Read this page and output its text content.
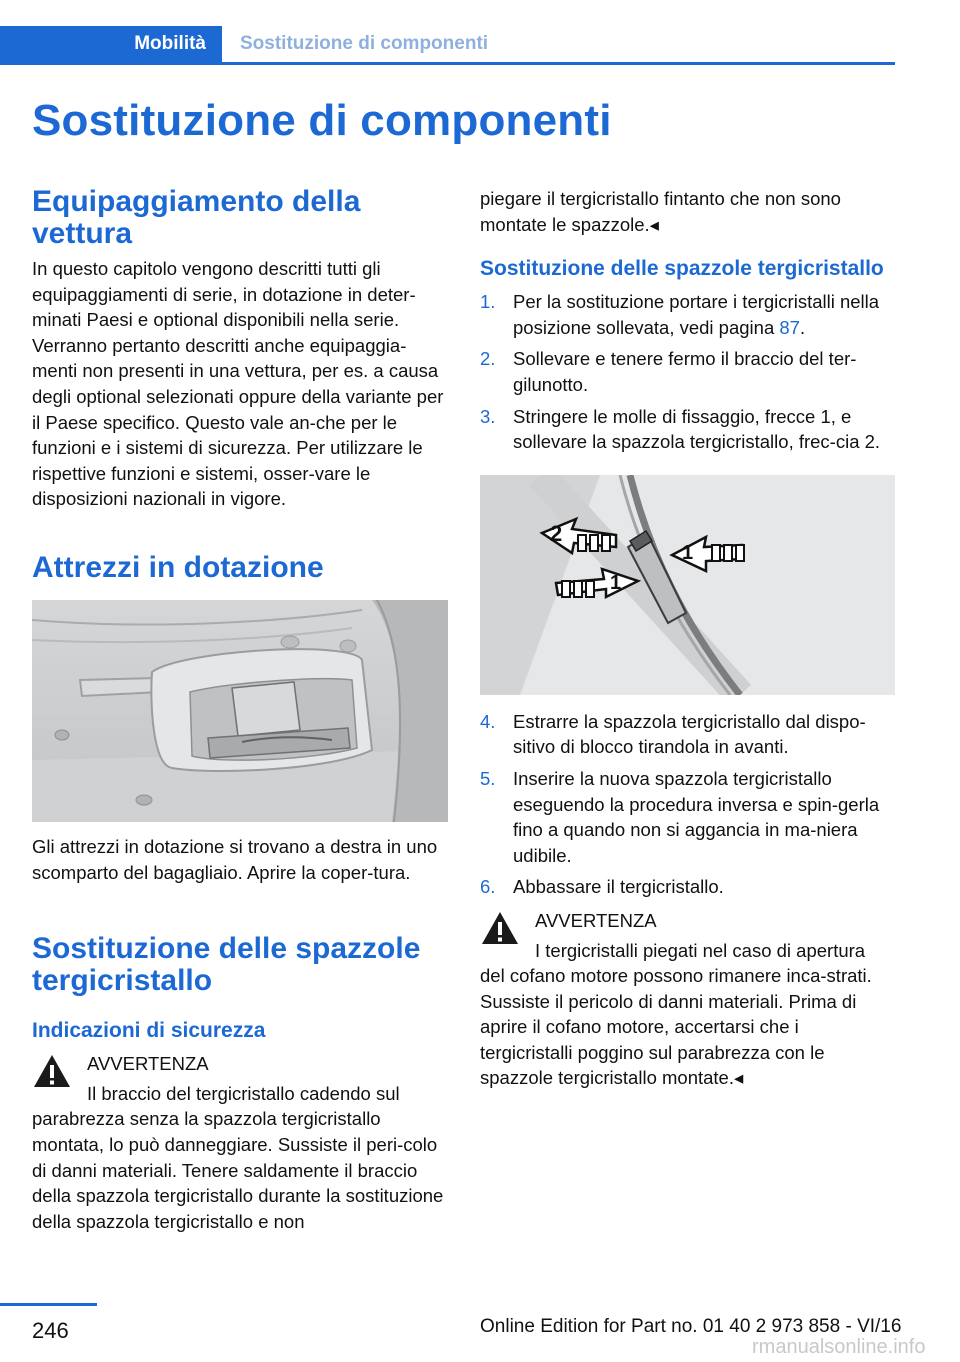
Mobilità	Sostituzione di componenti
Sostituzione di componenti
Equipaggiamento della vettura

In questo capitolo vengono descritti tutti gli equipaggiamenti di serie, in dotazione in deter‐minati Paesi e optional disponibili nella serie. Verranno pertanto descritti anche equipaggia‐menti non presenti in una vettura, per es. a causa degli optional selezionati oppure della variante per il Paese specifico. Questo vale an‐che per le funzioni e i sistemi di sicurezza. Per utilizzare le rispettive funzioni e sistemi, osser‐vare le disposizioni nazionali in vigore.

Attrezzi in dotazione

Gli attrezzi in dotazione si trovano a destra in uno scomparto del bagagliaio. Aprire la coper‐tura.

Sostituzione delle spazzole tergicristallo
Indicazioni di sicurezza

AVVERTENZA

Il braccio del tergicristallo cadendo sul

parabrezza senza la spazzola tergicristallo montata, lo può danneggiare. Sussiste il peri‐colo di danni materiali. Tenere saldamente il braccio della spazzola tergicristallo durante la sostituzione della spazzola tergicristallo e non

piegare il tergicristallo fintanto che non sono montate le spazzole.◂

Sostituzione delle spazzole tergicristallo
1. Per la sostituzione portare i tergicristalli nella posizione sollevata, vedi pagina 87.
2. Sollevare e tenere fermo il braccio del ter‐gilunotto.
3. Stringere le molle di fissaggio, frecce 1, e sollevare la spazzola tergicristallo, frec‐cia 2.
2
1
1
4. Estrarre la spazzola tergicristallo dal dispo‐sitivo di blocco tirandola in avanti.
5. Inserire la nuova spazzola tergicristallo eseguendo la procedura inversa e spin‐gerla fino a quando non si aggancia in ma‐niera udibile.
6. Abbassare il tergicristallo.

AVVERTENZA

I tergicristalli piegati nel caso di apertura

del cofano motore possono rimanere inca‐strati. Sussiste il pericolo di danni materiali. Prima di aprire il cofano motore, accertarsi che i tergicristalli poggino sul parabrezza con le spazzole tergicristallo montate.◂

246	Online Edition for Part no. 01 40 2 973 858 - VI/16
rmanualsonline.info
